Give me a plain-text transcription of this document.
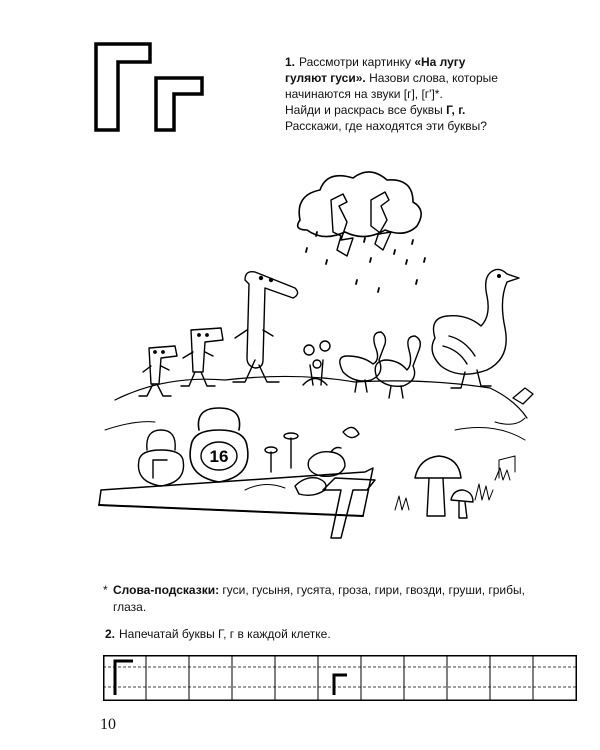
1. Рассмотри картинку «На лугу

гуляют гуси». Назови слова, которые

начинаются на звуки [г], [г']*.

Найди и раскрась все буквы Г, г.

Расскажи, где находятся эти буквы?

16
* Слова-подсказки: гуси, гусыня, гусята, гроза, гири, гвозди, груши, грибы, глаза.
2. Напечатай буквы Г, г в каждой клетке.
10
